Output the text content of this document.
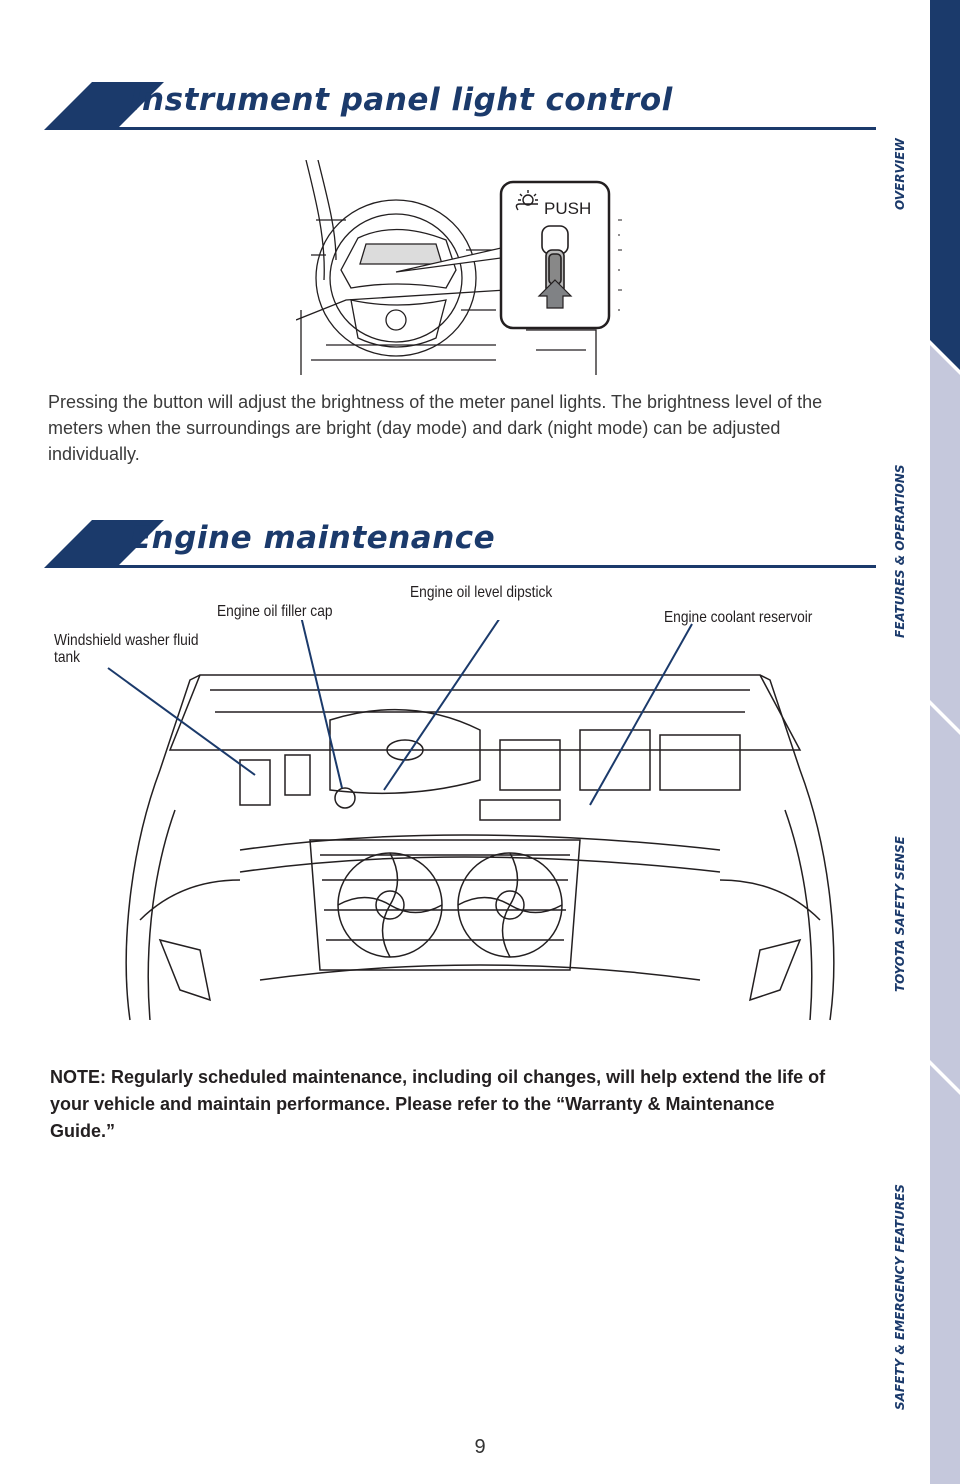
Instrument panel light control
PUSH
Pressing the button will adjust the brightness of the meter panel lights. The brightness level of the meters when the surroundings are bright (day mode) and dark (night mode) can be adjusted individually.
Engine maintenance
Engine oil level dipstick
Engine oil filler cap	Engine coolant reservoir
Windshield washer fluid tank
NOTE: Regularly scheduled maintenance, including oil changes, will help extend the life of your vehicle and maintain performance. Please refer to the “Warranty & Maintenance Guide.”
OVERVIEW
FEATURES & OPERATIONS
TOYOTA SAFETY SENSE
SAFETY & EMERGENCY FEATURES
9
